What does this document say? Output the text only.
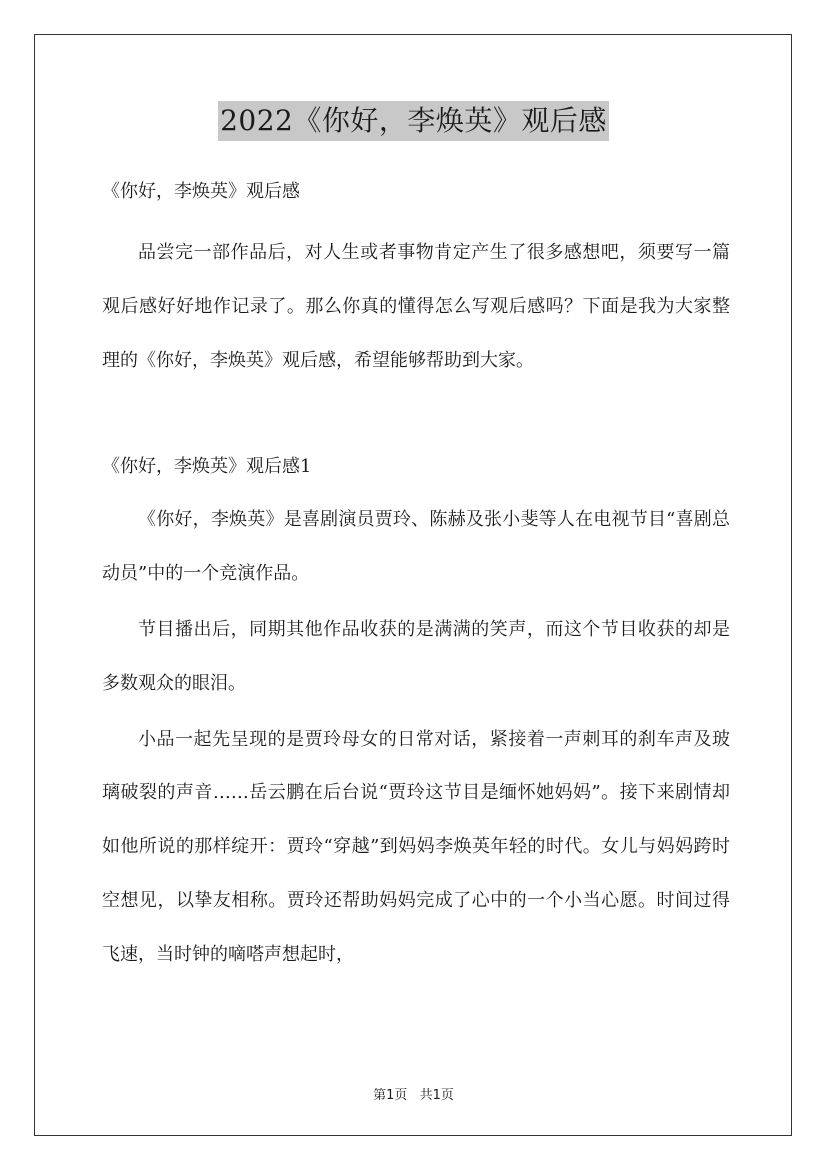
2022《你好，李焕英》观后感

《你好，李焕英》观后感

品尝完一部作品后，对人生或者事物肯定产生了很多感想吧，须要写一篇观后感好好地作记录了。那么你真的懂得怎么写观后感吗？下面是我为大家整理的《你好，李焕英》观后感，希望能够帮助到大家。

《你好，李焕英》观后感1

《你好，李焕英》是喜剧演员贾玲、陈赫及张小斐等人在电视节目“喜剧总动员”中的一个竞演作品。

节目播出后，同期其他作品收获的是满满的笑声，而这个节目收获的却是多数观众的眼泪。

小品一起先呈现的是贾玲母女的日常对话，紧接着一声刺耳的刹车声及玻璃破裂的声音……岳云鹏在后台说“贾玲这节目是缅怀她妈妈”。接下来剧情却如他所说的那样绽开：贾玲“穿越”到妈妈李焕英年轻的时代。女儿与妈妈跨时空想见，以挚友相称。贾玲还帮助妈妈完成了心中的一个小当心愿。时间过得飞速，当时钟的嘀嗒声想起时，

第1页 共1页
